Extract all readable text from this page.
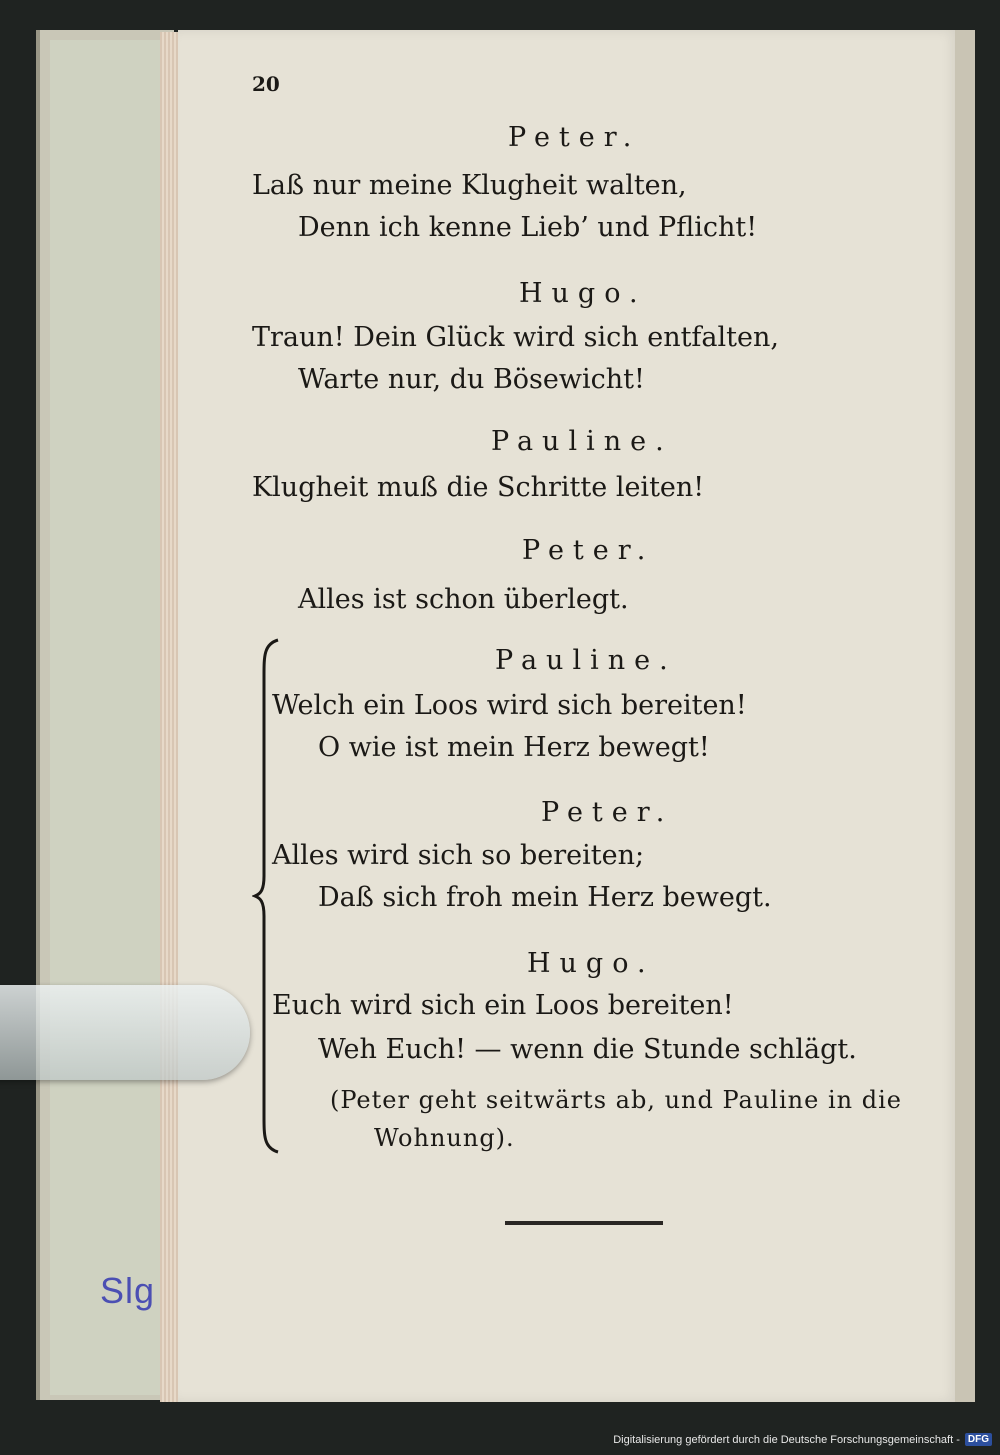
Slg
20
Peter.
Laß nur meine Klugheit walten,
Denn ich kenne Lieb’ und Pflicht!
Hugo.
Traun! Dein Glück wird sich entfalten,
Warte nur, du Bösewicht!
Pauline.
Klugheit muß die Schritte leiten!
Peter.
Alles ist schon überlegt.
Pauline.
Welch ein Loos wird sich bereiten!
O wie ist mein Herz bewegt!
Peter.
Alles wird sich so bereiten;
Daß sich froh mein Herz bewegt.
Hugo.
Euch wird sich ein Loos bereiten!
Weh Euch! — wenn die Stunde schlägt.
(Peter geht seitwärts ab, und Pauline in die
Wohnung).
Digitalisierung gefördert durch die Deutsche Forschungsgemeinschaft - DFG
